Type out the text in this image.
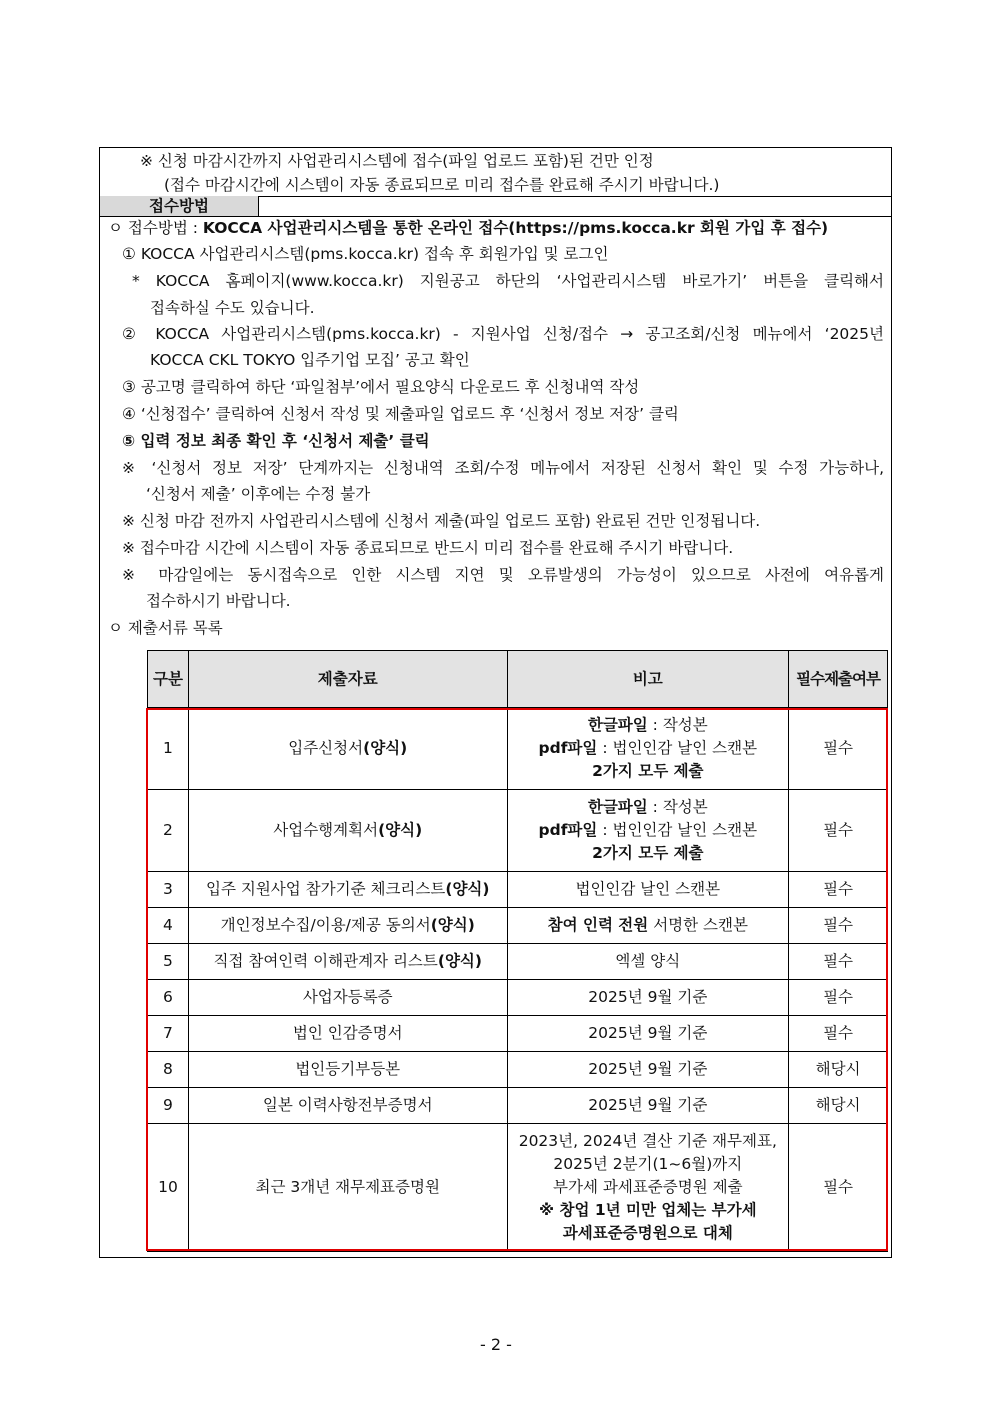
※ 신청 마감시간까지 사업관리시스템에 접수(파일 업로드 포함)된 건만 인정
(접수 마감시간에 시스템이 자동 종료되므로 미리 접수를 완료해 주시기 바랍니다.)
접수방법
ㅇ 접수방법 : KOCCA 사업관리시스템을 통한 온라인 접수(https://pms.kocca.kr 회원 가입 후 접수)
① KOCCA 사업관리시스템(pms.kocca.kr) 접속 후 회원가입 및 로그인
* KOCCA 홈페이지(www.kocca.kr) 지원공고 하단의 ‘사업관리시스템 바로가기’ 버튼을 클릭해서
접속하실 수도 있습니다.
② KOCCA 사업관리시스템(pms.kocca.kr) - 지원사업 신청/접수 → 공고조회/신청 메뉴에서 ‘2025년
KOCCA CKL TOKYO 입주기업 모집’ 공고 확인
③ 공고명 클릭하여 하단 ‘파일첨부’에서 필요양식 다운로드 후 신청내역 작성
④ ‘신청접수’ 클릭하여 신청서 작성 및 제출파일 업로드 후 ‘신청서 정보 저장’ 클릭
⑤ 입력 정보 최종 확인 후 ‘신청서 제출’ 클릭
※ ‘신청서 정보 저장’ 단계까지는 신청내역 조회/수정 메뉴에서 저장된 신청서 확인 및 수정 가능하나,
‘신청서 제출’ 이후에는 수정 불가
※ 신청 마감 전까지 사업관리시스템에 신청서 제출(파일 업로드 포함) 완료된 건만 인정됩니다.
※ 접수마감 시간에 시스템이 자동 종료되므로 반드시 미리 접수를 완료해 주시기 바랍니다.
※ 마감일에는 동시접속으로 인한 시스템 지연 및 오류발생의 가능성이 있으므로 사전에 여유롭게
접수하시기 바랍니다.
ㅇ 제출서류 목록
구분	제출자료	비고	필수제출여부
1	입주신청서(양식)	한글파일 : 작성본
pdf파일 : 법인인감 날인 스캔본
2가지 모두 제출	필수
2	사업수행계획서(양식)	한글파일 : 작성본
pdf파일 : 법인인감 날인 스캔본
2가지 모두 제출	필수
3	입주 지원사업 참가기준 체크리스트(양식)	법인인감 날인 스캔본	필수
4	개인정보수집/이용/제공 동의서(양식)	참여 인력 전원 서명한 스캔본	필수
5	직접 참여인력 이해관계자 리스트(양식)	엑셀 양식	필수
6	사업자등록증	2025년 9월 기준	필수
7	법인 인감증명서	2025년 9월 기준	필수
8	법인등기부등본	2025년 9월 기준	해당시
9	일본 이력사항전부증명서	2025년 9월 기준	해당시
10	최근 3개년 재무제표증명원	2023년, 2024년 결산 기준 재무제표,
2025년 2분기(1~6월)까지
부가세 과세표준증명원 제출
※ 창업 1년 미만 업체는 부가세
과세표준증명원으로 대체	필수
- 2 -
